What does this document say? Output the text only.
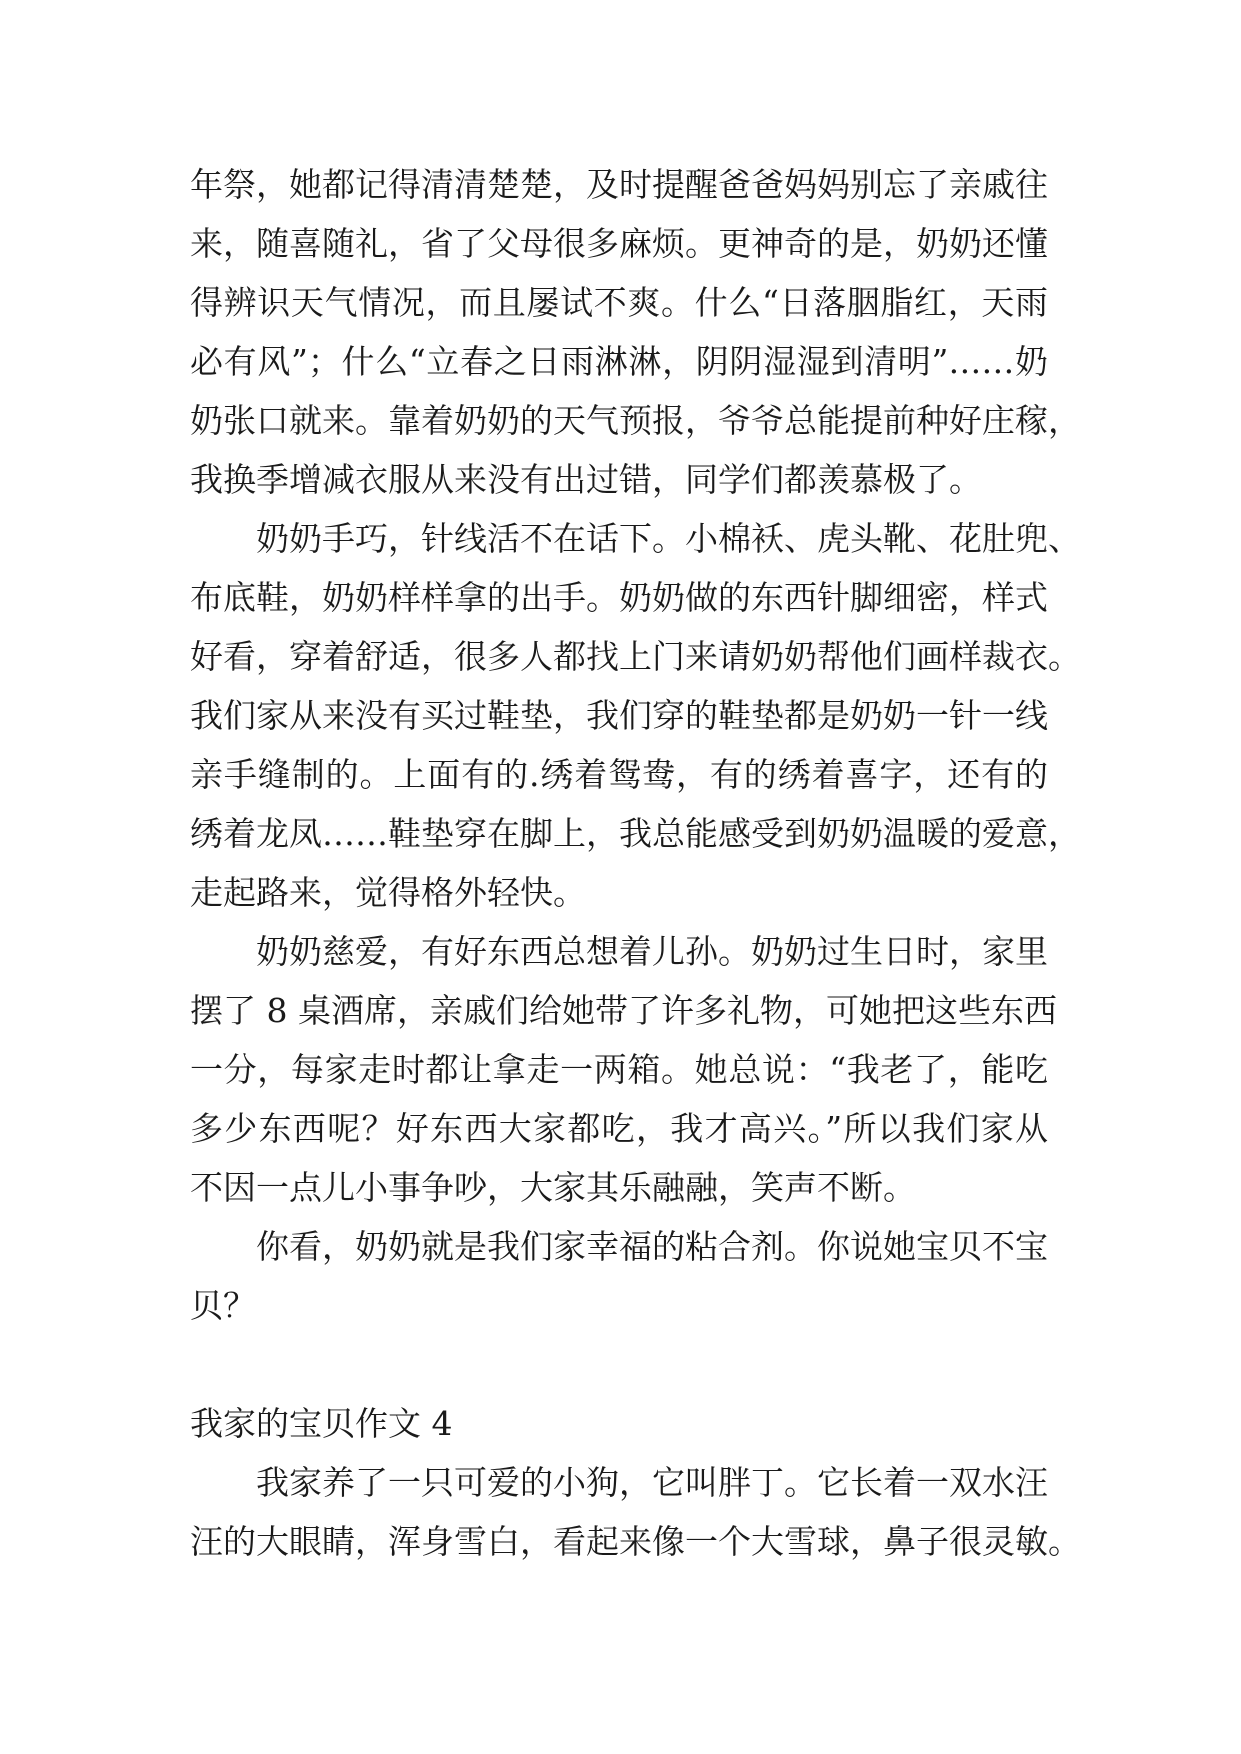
年祭，她都记得清清楚楚，及时提醒爸爸妈妈别忘了亲戚往
来，随喜随礼，省了父母很多麻烦。更神奇的是，奶奶还懂
得辨识天气情况，而且屡试不爽。什么“日落胭脂红，天雨
必有风”；什么“立春之日雨淋淋，阴阴湿湿到清明”……奶
奶张口就来。靠着奶奶的天气预报，爷爷总能提前种好庄稼，
我换季增减衣服从来没有出过错，同学们都羡慕极了。
奶奶手巧，针线活不在话下。小棉袄、虎头靴、花肚兜、
布底鞋，奶奶样样拿的出手。奶奶做的东西针脚细密，样式
好看，穿着舒适，很多人都找上门来请奶奶帮他们画样裁衣。
我们家从来没有买过鞋垫，我们穿的鞋垫都是奶奶一针一线
亲手缝制的。上面有的.绣着鸳鸯，有的绣着喜字，还有的
绣着龙凤……鞋垫穿在脚上，我总能感受到奶奶温暖的爱意，
走起路来，觉得格外轻快。
奶奶慈爱，有好东西总想着儿孙。奶奶过生日时，家里
摆了 8 桌酒席，亲戚们给她带了许多礼物，可她把这些东西
一分，每家走时都让拿走一两箱。她总说：“我老了，能吃
多少东西呢？好东西大家都吃，我才高兴。”所以我们家从
不因一点儿小事争吵，大家其乐融融，笑声不断。
你看，奶奶就是我们家幸福的粘合剂。你说她宝贝不宝
贝？
我家的宝贝作文 4
我家养了一只可爱的小狗，它叫胖丁。它长着一双水汪
汪的大眼睛，浑身雪白，看起来像一个大雪球，鼻子很灵敏。
